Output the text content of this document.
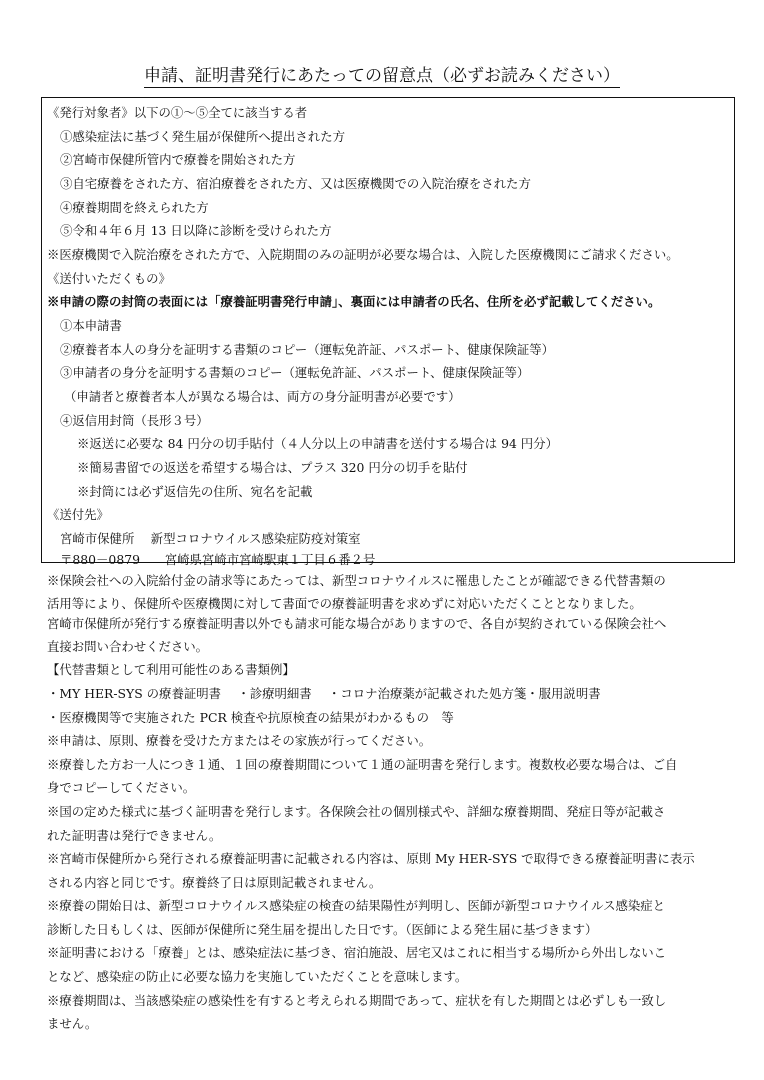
申請、証明書発行にあたっての留意点（必ずお読みください）
《発行対象者》以下の①～⑤全てに該当する者
①感染症法に基づく発生届が保健所へ提出された方
②宮崎市保健所管内で療養を開始された方
③自宅療養をされた方、宿泊療養をされた方、又は医療機関での入院治療をされた方
④療養期間を終えられた方
⑤令和４年６月 13 日以降に診断を受けられた方
※医療機関で入院治療をされた方で、入院期間のみの証明が必要な場合は、入院した医療機関にご請求ください。
《送付いただくもの》
※申請の際の封筒の表面には「療養証明書発行申請」、裏面には申請者の氏名、住所を必ず記載してください。
①本申請書
②療養者本人の身分を証明する書類のコピー（運転免許証、パスポート、健康保険証等）
③申請者の身分を証明する書類のコピー（運転免許証、パスポート、健康保険証等）
（申請者と療養者本人が異なる場合は、両方の身分証明書が必要です）
④返信用封筒（長形３号）
※返送に必要な 84 円分の切手貼付（４人分以上の申請書を送付する場合は 94 円分）
※簡易書留での返送を希望する場合は、プラス 320 円分の切手を貼付
※封筒には必ず返信先の住所、宛名を記載
《送付先》
宮崎市保健所　 新型コロナウイルス感染症防疫対策室
〒880－0879　　宮崎県宮崎市宮崎駅東１丁目６番２号
※保険会社への入院給付金の請求等にあたっては、新型コロナウイルスに罹患したことが確認できる代替書類の
活用等により、保健所や医療機関に対して書面での療養証明書を求めずに対応いただくこととなりました。
宮崎市保健所が発行する療養証明書以外でも請求可能な場合がありますので、各自が契約されている保険会社へ
直接お問い合わせください。
【代替書類として利用可能性のある書類例】
・MY HER-SYS の療養証明書　 ・診療明細書　 ・コロナ治療薬が記載された処方箋・服用説明書
・医療機関等で実施された PCR 検査や抗原検査の結果がわかるもの　等
※申請は、原則、療養を受けた方またはその家族が行ってください。
※療養した方お一人につき１通、１回の療養期間について１通の証明書を発行します。複数枚必要な場合は、ご自
身でコピーしてください。
※国の定めた様式に基づく証明書を発行します。各保険会社の個別様式や、詳細な療養期間、発症日等が記載さ
れた証明書は発行できません。
※宮崎市保健所から発行される療養証明書に記載される内容は、原則 My HER-SYS で取得できる療養証明書に表示
される内容と同じです。療養終了日は原則記載されません。
※療養の開始日は、新型コロナウイルス感染症の検査の結果陽性が判明し、医師が新型コロナウイルス感染症と
診断した日もしくは、医師が保健所に発生届を提出した日です。（医師による発生届に基づきます）
※証明書における「療養」とは、感染症法に基づき、宿泊施設、居宅又はこれに相当する場所から外出しないこ
となど、感染症の防止に必要な協力を実施していただくことを意味します。
※療養期間は、当該感染症の感染性を有すると考えられる期間であって、症状を有した期間とは必ずしも一致し
ません。
